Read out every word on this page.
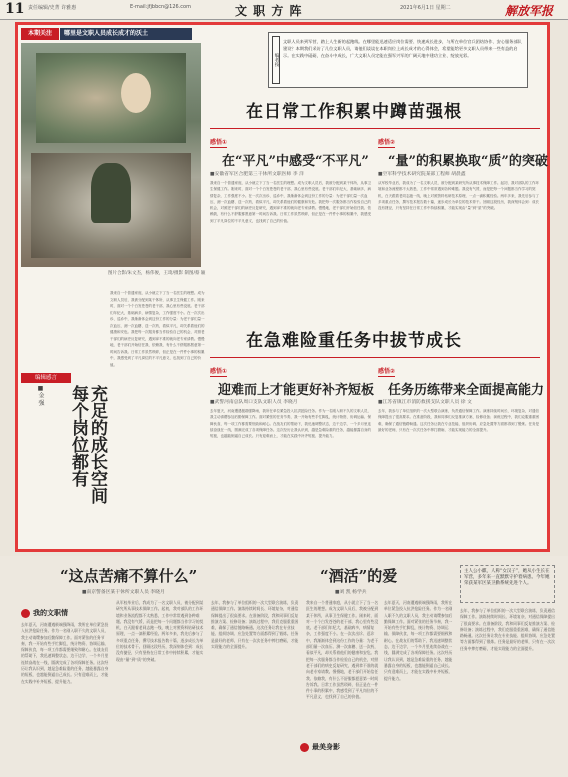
11 责任编辑/史菁 许雅惠	E-mail:jfjbbcn@126.com	文 职 方 阵	2021年6月1日 星期二	解放军报
本期关注	哪里是文职人员成长成才的沃土
图片合影/朱文杰，杨伟俊，王琦/摄影 制图/蔡 颖
编辑感言
充足的成长空间每个岗位都有
■金 强
我来自一个普通家庭，从小就立下了当一名医生的理想。成为文职人员后，我被分配到某干休所，从事卫生保健工作。刚来时，面对一个个白发苍苍的老干部，我心里有些没底。老干部们年纪大，基础病多，病情复杂，工作强度不小。在一次次出诊、巡诊中，我渐渐体会到这份工作的分量：为老干部们量一次血压、测一次血糖、送一次药，看似平凡，却关系着他们的健康和安危。我把每一次服务都当作检验自己的机会，对照老干部们的病史反复研究，遇到拿不准的就向老专家请教。慢慢地，老干部们开始信任我、依赖我，有什么不舒服都愿意第一时间告诉我。日常工作虽然琐碎，但正是在一件件小事的积累中，我感受到了平凡岗位的不平凡意义，也找到了自己的价值。
编者按
文职人员来到军营，踏上人生新的起跑线。在哪里能迅速适应岗位需要、快速成长进步，与所在单位官兵团结协作、安心服务部队建设？本期我们采访了几位文职人员，请他们谈谈在本职岗位上成长成才的心得体会，希望能给更多文职人员带来一些有益的启示。在实践中砥砺，在奋斗中成长，广大文职人员定能在强军兴军的广阔天地中建功立业、绽放光彩。
在日常工作积累中蹲苗强根
感悟①
在“平凡”中感受“不平凡”
■安徽省军区合肥第三干休所文职医师 李 洋
我来自一个普通家庭，从小就立下了当一名医生的理想。成为文职人员后，我被分配到某干休所，从事卫生保健工作。刚来时，面对一个个白发苍苍的老干部，我心里有些没底。老干部们年纪大，基础病多，病情复杂，工作强度不小。在一次次出诊、巡诊中，我渐渐体会到这份工作的分量：为老干部们量一次血压、测一次血糖、送一次药，看似平凡，却关系着他们的健康和安危。我把每一次服务都当作检验自己的机会，对照老干部们的病史反复研究，遇到拿不准的就向老专家请教。慢慢地，老干部们开始信任我、依赖我，有什么不舒服都愿意第一时间告诉我。日常工作虽然琐碎，但正是在一件件小事的积累中，我感受到了平凡岗位的不平凡意义，也找到了自己的价值。
感悟②
“量”的积累换取“质”的突破
■空军科学技术研究院某部工程师 胡晨鑫
从军校毕业后，我成为了一名文职人员，被分配到某研究所从事技术保障工作。起初，我对部队的工作环境和业务流程都不太熟悉，工作中常常遇到各种难题。我没有气馁，而是把每一个问题都当作学习的契机，白天跟着老同志跑一线，晚上对照资料钻研技术原理，一点一滴积累经验。两年多来，我先后参与了多项重点任务，撰写技术报告数十篇，逐步成长为单位的技术骨干。回顾这段经历，我深刻体会到：成长没有捷径，只有坚持在日常工作中持续积累，才能实现由“量”到“质”的突破。
在急难险重任务中拔节成长
感悟①
迎难而上才能更好补齐短板
■武警河南总队周口支队文职人员 李晓月
去年夏天，河南遭遇极端强降雨，我所在单位紧急投入抗洪抢险任务。作为一名刚入职不久的文职人员，我主动请缨参加后勤保障工作。面对紧张的任务节奏，我一开始有些手忙脚乱，统计物资、协调运输、保障伙食，每一项工作都需要细致和耐心。在战友们的帮助下，我迅速调整状态，边干边学，一个多月里连续奋战在一线，圆满完成了各项保障任务。这次经历让我认识到，越是急难险重的任务，越能暴露自身的短板，也越能倒逼自己成长。只有迎难而上，才能在实践中补齐短板、提升能力。
感悟②
任务历练带来全面提高能力
■江苏省镇江市消防救援支队文职人员 徐 文
去年，我参与了单位组织的一次大型联合演练，负责通信保障工作。演练持续时间长、环境复杂，对通信保障提出了很高要求。在准备阶段，我和同事们反复推演方案、检修设备；演练过程中，我们克服重重困难，确保了通信链路畅通。这次任务让我在专业技能、组织协调、应急处置等方面都得到了锻炼。任务是最好的老师，只有在一次次任务中摔打磨砺，才能实现能力的全面提升。
“这点苦痛不算什么”
■南京警备区某干休所文职人员 李晓月
“酒活”的爱
■刘 凯 杨学兵
主人公小麒，人称“女汉子”，她从小生长在军营，多年来一直默默守护着病患。今年她荣获某军区某卫勤系统先进个人。
我的文职情
最美身影
去年夏天，河南遭遇极端强降雨，我所在单位紧急投入抗洪抢险任务。作为一名刚入职不久的文职人员，我主动请缨参加后勤保障工作。面对紧张的任务节奏，我一开始有些手忙脚乱，统计物资、协调运输、保障伙食，每一项工作都需要细致和耐心。在战友们的帮助下，我迅速调整状态，边干边学，一个多月里连续奋战在一线，圆满完成了各项保障任务。这次经历让我认识到，越是急难险重的任务，越能暴露自身的短板，也越能倒逼自己成长。只有迎难而上，才能在实践中补齐短板、提升能力。
从军校毕业后，我成为了一名文职人员，被分配到某研究所从事技术保障工作。起初，我对部队的工作环境和业务流程都不太熟悉，工作中常常遇到各种难题。我没有气馁，而是把每一个问题都当作学习的契机，白天跟着老同志跑一线，晚上对照资料钻研技术原理，一点一滴积累经验。两年多来，我先后参与了多项重点任务，撰写技术报告数十篇，逐步成长为单位的技术骨干。回顾这段经历，我深刻体会到：成长没有捷径，只有坚持在日常工作中持续积累，才能实现由“量”到“质”的突破。
去年，我参与了单位组织的一次大型联合演练，负责通信保障工作。演练持续时间长、环境复杂，对通信保障提出了很高要求。在准备阶段，我和同事们反复推演方案、检修设备；演练过程中，我们克服重重困难，确保了通信链路畅通。这次任务让我在专业技能、组织协调、应急处置等方面都得到了锻炼。任务是最好的老师，只有在一次次任务中摔打磨砺，才能实现能力的全面提升。
我来自一个普通家庭，从小就立下了当一名医生的理想。成为文职人员后，我被分配到某干休所，从事卫生保健工作。刚来时，面对一个个白发苍苍的老干部，我心里有些没底。老干部们年纪大，基础病多，病情复杂，工作强度不小。在一次次出诊、巡诊中，我渐渐体会到这份工作的分量：为老干部们量一次血压、测一次血糖、送一次药，看似平凡，却关系着他们的健康和安危。我把每一次服务都当作检验自己的机会，对照老干部们的病史反复研究，遇到拿不准的就向老专家请教。慢慢地，老干部们开始信任我、依赖我，有什么不舒服都愿意第一时间告诉我。日常工作虽然琐碎，但正是在一件件小事的积累中，我感受到了平凡岗位的不平凡意义，也找到了自己的价值。
去年夏天，河南遭遇极端强降雨，我所在单位紧急投入抗洪抢险任务。作为一名刚入职不久的文职人员，我主动请缨参加后勤保障工作。面对紧张的任务节奏，我一开始有些手忙脚乱，统计物资、协调运输、保障伙食，每一项工作都需要细致和耐心。在战友们的帮助下，我迅速调整状态，边干边学，一个多月里连续奋战在一线，圆满完成了各项保障任务。这次经历让我认识到，越是急难险重的任务，越能暴露自身的短板，也越能倒逼自己成长。只有迎难而上，才能在实践中补齐短板、提升能力。
去年，我参与了单位组织的一次大型联合演练，负责通信保障工作。演练持续时间长、环境复杂，对通信保障提出了很高要求。在准备阶段，我和同事们反复推演方案、检修设备；演练过程中，我们克服重重困难，确保了通信链路畅通。这次任务让我在专业技能、组织协调、应急处置等方面都得到了锻炼。任务是最好的老师，只有在一次次任务中摔打磨砺，才能实现能力的全面提升。
